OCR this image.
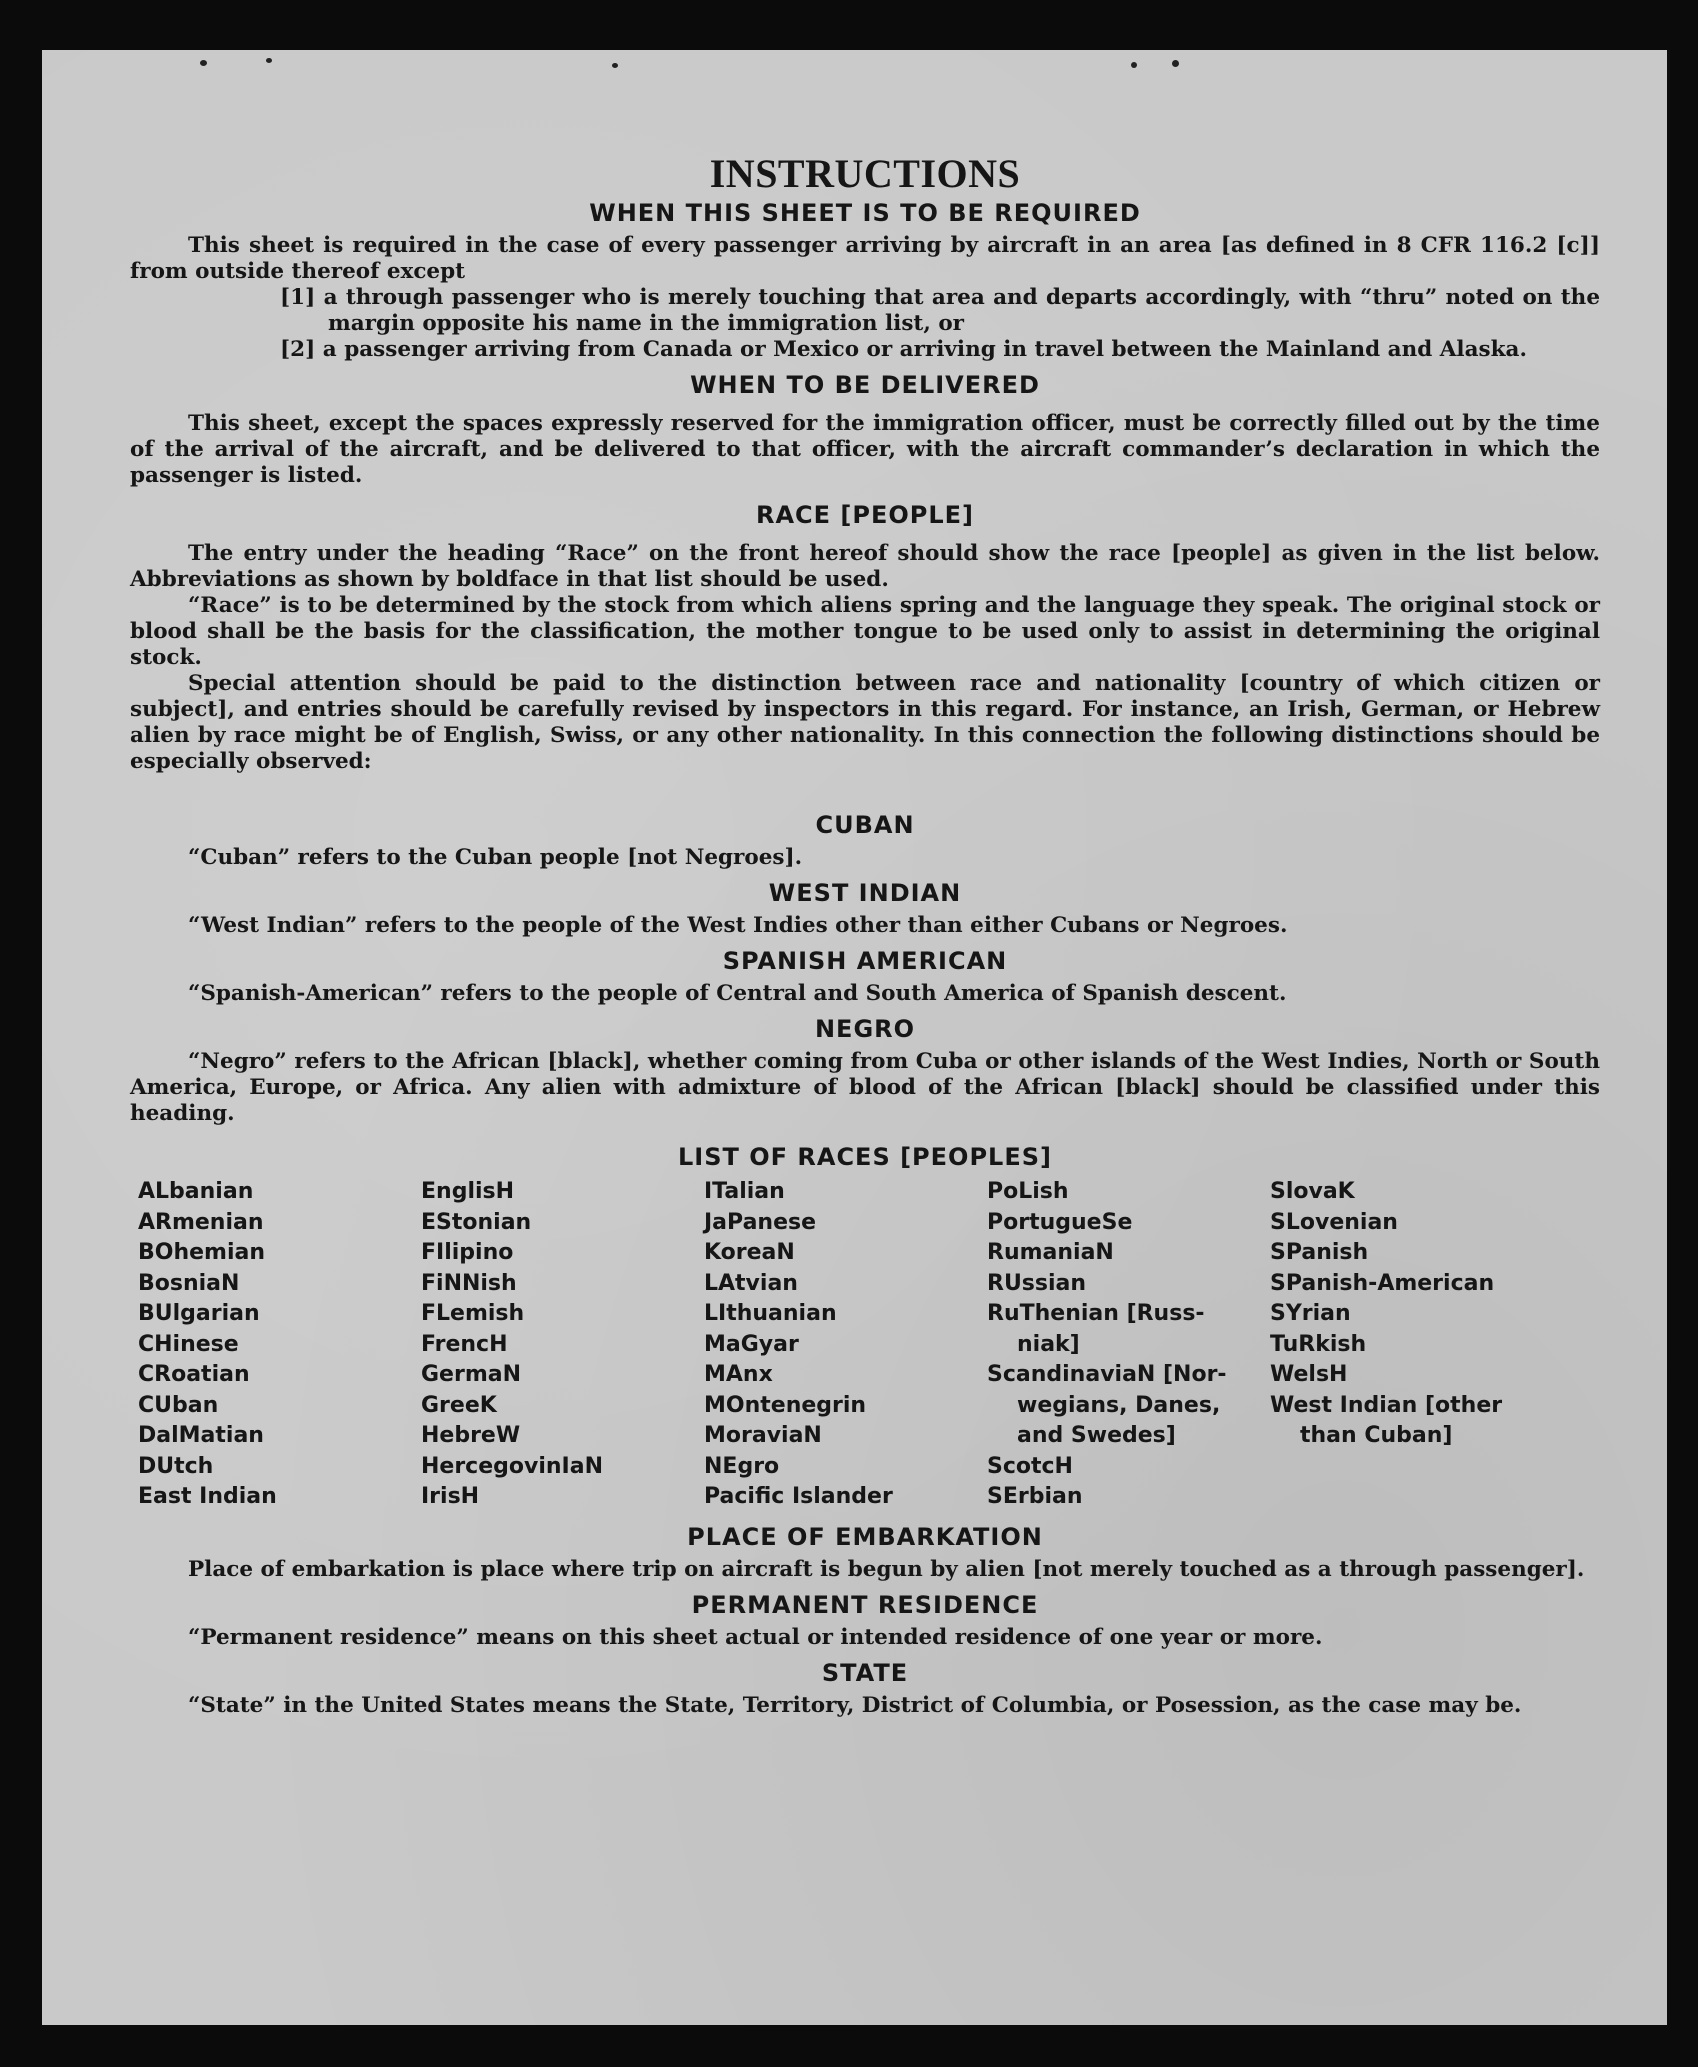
INSTRUCTIONS
WHEN THIS SHEET IS TO BE REQUIRED

This sheet is required in the case of every passenger arriving by aircraft in an area [as defined in 8 CFR 116.2 [c]] from outside thereof except

[1] a through passenger who is merely touching that area and departs accordingly, with “thru” noted on the margin opposite his name in the immigration list, or

[2] a passenger arriving from Canada or Mexico or arriving in travel between the Mainland and Alaska.

WHEN TO BE DELIVERED

This sheet, except the spaces expressly reserved for the immigration officer, must be correctly filled out by the time of the arrival of the aircraft, and be delivered to that officer, with the aircraft commander’s declaration in which the passenger is listed.

RACE [PEOPLE]

The entry under the heading “Race” on the front hereof should show the race [people] as given in the list below. Abbreviations as shown by boldface in that list should be used.

“Race” is to be determined by the stock from which aliens spring and the language they speak. The original stock or blood shall be the basis for the classification, the mother tongue to be used only to assist in determining the original stock.

Special attention should be paid to the distinction between race and nationality [country of which citizen or subject], and entries should be carefully revised by inspectors in this regard. For instance, an Irish, German, or Hebrew alien by race might be of English, Swiss, or any other nationality. In this connection the following distinctions should be especially observed:

CUBAN

“Cuban” refers to the Cuban people [not Negroes].

WEST INDIAN

“West Indian” refers to the people of the West Indies other than either Cubans or Negroes.

SPANISH AMERICAN

“Spanish-American” refers to the people of Central and South America of Spanish descent.

NEGRO

“Negro” refers to the African [black], whether coming from Cuba or other islands of the West Indies, North or South America, Europe, or Africa. Any alien with admixture of blood of the African [black] should be classified under this heading.

LIST OF RACES [PEOPLES]
ALbanian
ARmenian
BOhemian
BosniaN
BUlgarian
CHinese
CRoatian
CUban
DalMatian
DUtch
East Indian
EnglisH
EStonian
FIlipino
FiNNish
FLemish
FrencH
GermaN
GreeK
HebreW
HercegovinIaN
IrisH
ITalian
JaPanese
KoreaN
LAtvian
LIthuanian
MaGyar
MAnx
MOntenegrin
MoraviaN
NEgro
Pacific Islander
PoLish
PortugueSe
RumaniaN
RUssian
RuThenian [Russ-
niak]
ScandinaviaN [Nor-
wegians, Danes,
and Swedes]
ScotcH
SErbian
SlovaK
SLovenian
SPanish
SPanish-American
SYrian
TuRkish
WelsH
West Indian [other
than Cuban]
PLACE OF EMBARKATION

Place of embarkation is place where trip on aircraft is begun by alien [not merely touched as a through passenger].

PERMANENT RESIDENCE

“Permanent residence” means on this sheet actual or intended residence of one year or more.

STATE

“State” in the United States means the State, Territory, District of Columbia, or Posession, as the case may be.
